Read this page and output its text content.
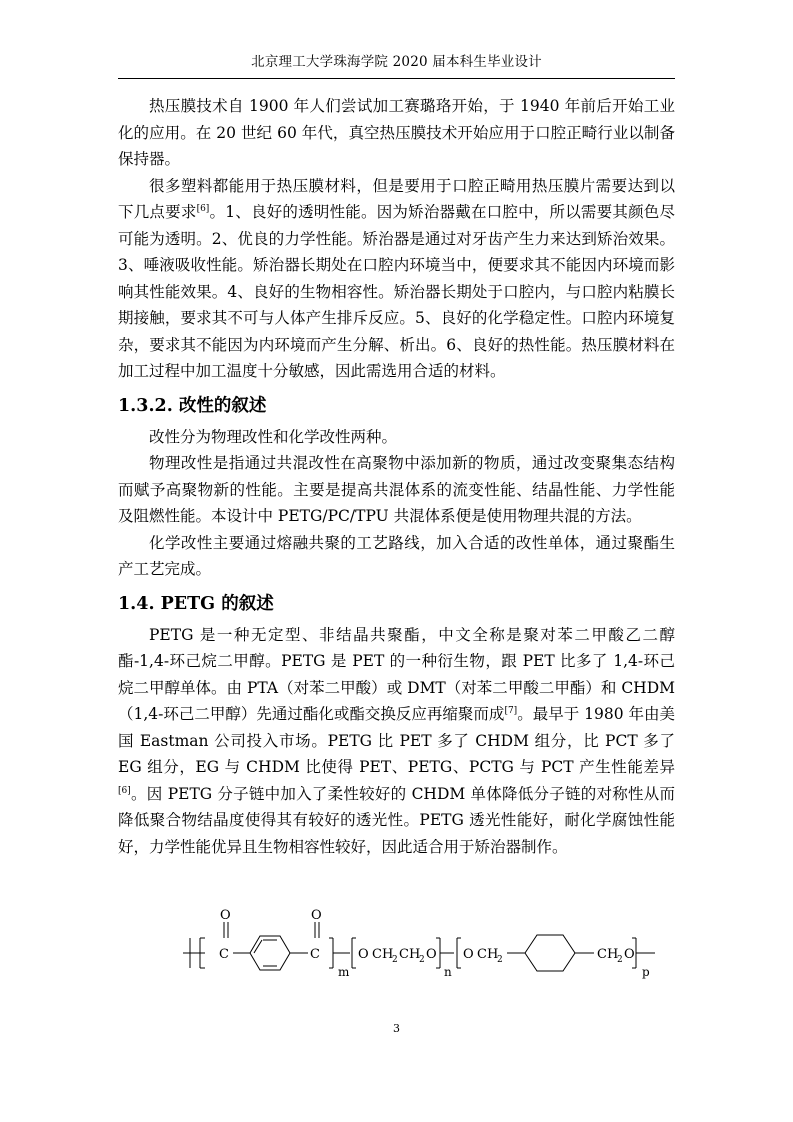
北京理工大学珠海学院 2020 届本科生毕业设计

热压膜技术自 1900 年人们尝试加工赛璐珞开始，于 1940 年前后开始工业化的应用。在 20 世纪 60 年代，真空热压膜技术开始应用于口腔正畸行业以制备保持器。

很多塑料都能用于热压膜材料，但是要用于口腔正畸用热压膜片需要达到以下几点要求[6]。1、良好的透明性能。因为矫治器戴在口腔中，所以需要其颜色尽可能为透明。2、优良的力学性能。矫治器是通过对牙齿产生力来达到矫治效果。3、唾液吸收性能。矫治器长期处在口腔内环境当中，便要求其不能因内环境而影响其性能效果。4、良好的生物相容性。矫治器长期处于口腔内，与口腔内粘膜长期接触，要求其不可与人体产生排斥反应。5、良好的化学稳定性。口腔内环境复杂，要求其不能因为内环境而产生分解、析出。6、良好的热性能。热压膜材料在加工过程中加工温度十分敏感，因此需选用合适的材料。

1.3.2. 改性的叙述

改性分为物理改性和化学改性两种。

物理改性是指通过共混改性在高聚物中添加新的物质，通过改变聚集态结构而赋予高聚物新的性能。主要是提高共混体系的流变性能、结晶性能、力学性能及阻燃性能。本设计中 PETG/PC/TPU 共混体系便是使用物理共混的方法。

化学改性主要通过熔融共聚的工艺路线，加入合适的改性单体，通过聚酯生产工艺完成。

1.4. PETG 的叙述

PETG 是一种无定型、非结晶共聚酯，中文全称是聚对苯二甲酸乙二醇酯-1,4-环己烷二甲醇。PETG 是 PET 的一种衍生物，跟 PET 比多了 1,4-环己烷二甲醇单体。由 PTA（对苯二甲酸）或 DMT（对苯二甲酸二甲酯）和 CHDM（1,4-环己二甲醇）先通过酯化或酯交换反应再缩聚而成[7]。最早于 1980 年由美国 Eastman 公司投入市场。PETG 比 PET 多了 CHDM 组分，比 PCT 多了 EG 组分，EG 与 CHDM 比使得 PET、PETG、PCTG 与 PCT 产生性能差异[6]。因 PETG 分子链中加入了柔性较好的 CHDM 单体降低分子链的对称性从而降低聚合物结晶度使得其有较好的透光性。PETG 透光性能好，耐化学腐蚀性能好，力学性能优异且生物相容性较好，因此适合用于矫治器制作。

O	O
C	C
m
O CH
2 CH
2 O
n
O CH
2	CH
2 O
p
3
